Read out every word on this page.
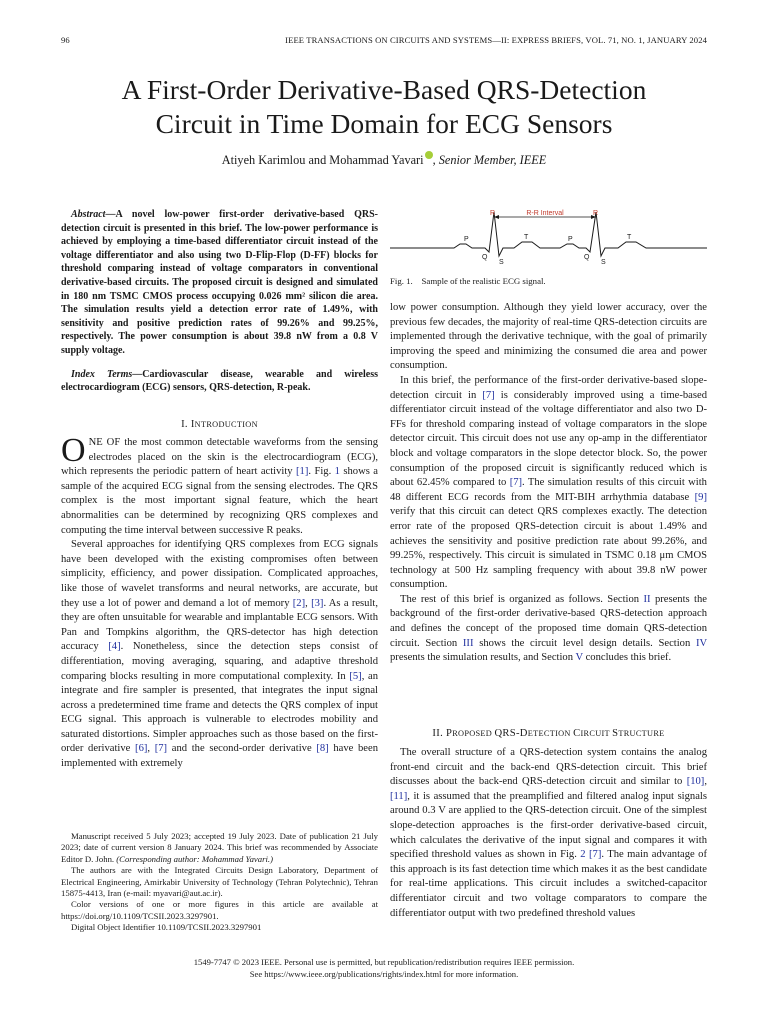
96	IEEE TRANSACTIONS ON CIRCUITS AND SYSTEMS—II: EXPRESS BRIEFS, VOL. 71, NO. 1, JANUARY 2024
A First-Order Derivative-Based QRS-Detection
Circuit in Time Domain for ECG Sensors
Atiyeh Karimlou and Mohammad Yavari , Senior Member, IEEE
Abstract—A novel low-power first-order derivative-based QRS-detection circuit is presented in this brief. The low-power performance is achieved by employing a time-based differentiator circuit instead of the voltage differentiator and also using two D-Flip-Flop (D-FF) blocks for threshold comparing instead of voltage comparators in conventional derivative-based circuits. The proposed circuit is designed and simulated in 180 nm TSMC CMOS process occupying 0.026 mm² silicon die area. The simulation results yield a detection error rate of 1.49%, with sensitivity and positive prediction rates of 99.26% and 99.25%, respectively. The power consumption is about 39.8 nW from a 0.8 V supply voltage.
Index Terms—Cardiovascular disease, wearable and wireless electrocardiogram (ECG) sensors, QRS-detection, R-peak.
I. INTRODUCTION

ONE OF the most common detectable waveforms from the sensing electrodes placed on the skin is the electrocardiogram (ECG), which represents the periodic pattern of heart activity [1]. Fig. 1 shows a sample of the acquired ECG signal from the sensing electrodes. The QRS complex is the most important signal feature, which the heart abnormalities can be determined by recognizing QRS complexes and computing the time interval between successive R peaks.

Several approaches for identifying QRS complexes from ECG signals have been developed with the existing compromises often between simplicity, efficiency, and power dissipation. Complicated approaches, like those of wavelet transforms and neural networks, are accurate, but they use a lot of power and demand a lot of memory [2], [3]. As a result, they are often unsuitable for wearable and implantable ECG sensors. With Pan and Tompkins algorithm, the QRS-detector has high detection accuracy [4]. Nonetheless, since the detection steps consist of differentiation, moving averaging, squaring, and adaptive threshold comparing blocks resulting in more computational complexity. In [5], an integrate and fire sampler is presented, that integrates the input signal across a predetermined time frame and detects the QRS complex of input ECG signal. This approach is vulnerable to electrodes mobility and saturated distortions. Simpler approaches such as those based on the first-order derivative [6], [7] and the second-order derivative [8] have been implemented with extremely

Manuscript received 5 July 2023; accepted 19 July 2023. Date of publication 21 July 2023; date of current version 8 January 2024. This brief was recommended by Associate Editor D. John. (Corresponding author: Mohammad Yavari.)

The authors are with the Integrated Circuits Design Laboratory, Department of Electrical Engineering, Amirkabir University of Technology (Tehran Polytechnic), Tehran 15875-4413, Iran (e-mail: myavari@aut.ac.ir).

Color versions of one or more figures in this article are available at https://doi.org/10.1109/TCSII.2023.3297901.

Digital Object Identifier 10.1109/TCSII.2023.3297901

R-R Interval
R	R
P	P
T	T
Q	Q
S	S
Fig. 1.    Sample of the realistic ECG signal.

low power consumption. Although they yield lower accuracy, over the previous few decades, the majority of real-time QRS-detection circuits are implemented through the derivative technique, with the goal of primarily improving the speed and minimizing the consumed die area and power consumption.

In this brief, the performance of the first-order derivative-based slope-detection circuit in [7] is considerably improved using a time-based differentiator circuit instead of the voltage differentiator and also two D-FFs for threshold comparing instead of voltage comparators in the slope detector circuit. This circuit does not use any op-amp in the differentiator block and voltage comparators in the slope detector block. So, the power consumption of the proposed circuit is significantly reduced which is about 62.45% compared to [7]. The simulation results of this circuit with 48 different ECG records from the MIT-BIH arrhythmia database [9] verify that this circuit can detect QRS complexes exactly. The detection error rate of the proposed QRS-detection circuit is about 1.49% and achieves the sensitivity and positive prediction rate about 99.26%, and 99.25%, respectively. This circuit is simulated in TSMC 0.18 μm CMOS technology at 500 Hz sampling frequency with about 39.8 nW power consumption.

The rest of this brief is organized as follows. Section II presents the background of the first-order derivative-based QRS-detection approach and defines the concept of the proposed time domain QRS-detection circuit. Section III shows the circuit level design details. Section IV presents the simulation results, and Section V concludes this brief.

II. PROPOSED QRS-DETECTION CIRCUIT STRUCTURE

The overall structure of a QRS-detection system contains the analog front-end circuit and the back-end QRS-detection circuit. This brief discusses about the back-end QRS-detection circuit and similar to [10], [11], it is assumed that the preamplified and filtered analog input signals around 0.3 V are applied to the QRS-detection circuit. One of the simplest slope-detection approaches is the first-order derivative-based circuit, which calculates the derivative of the input signal and compares it with specified threshold values as shown in Fig. 2 [7]. The main advantage of this approach is its fast detection time which makes it as the best candidate for real-time applications. This circuit includes a switched-capacitor differentiator circuit and two voltage comparators to compare the differentiator output with two predefined threshold values

1549-7747 © 2023 IEEE. Personal use is permitted, but republication/redistribution requires IEEE permission.
See https://www.ieee.org/publications/rights/index.html for more information.
